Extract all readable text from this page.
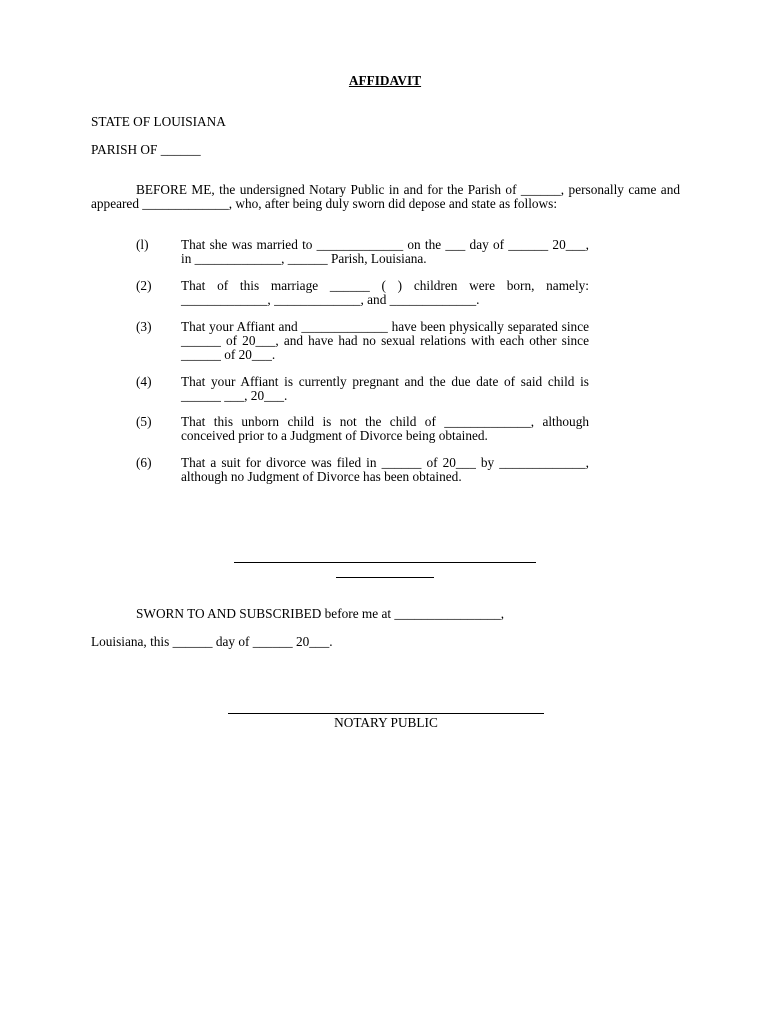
AFFIDAVIT
STATE OF LOUISIANA
PARISH OF ______
BEFORE ME, the undersigned Notary Public in and for the Parish of ______, personally came and appeared _____________, who, after being duly sworn did depose and state as follows:
(l) That she was married to _____________ on the ___ day of ______ 20___, in _____________, ______ Parish, Louisiana.
(2) That of this marriage ______ ( ) children were born, namely: _____________, _____________, and _____________.
(3) That your Affiant and _____________ have been physically separated since ______ of 20___, and have had no sexual relations with each other since ______ of 20___.
(4) That your Affiant is currently pregnant and the due date of said child is ______ ___, 20___.
(5) That this unborn child is not the child of _____________, although conceived prior to a Judgment of Divorce being obtained.
(6) That a suit for divorce was filed in ______ of 20___ by _____________, although no Judgment of Divorce has been obtained.
SWORN TO AND SUBSCRIBED before me at ________________,
Louisiana, this ______ day of ______ 20___.
NOTARY PUBLIC
